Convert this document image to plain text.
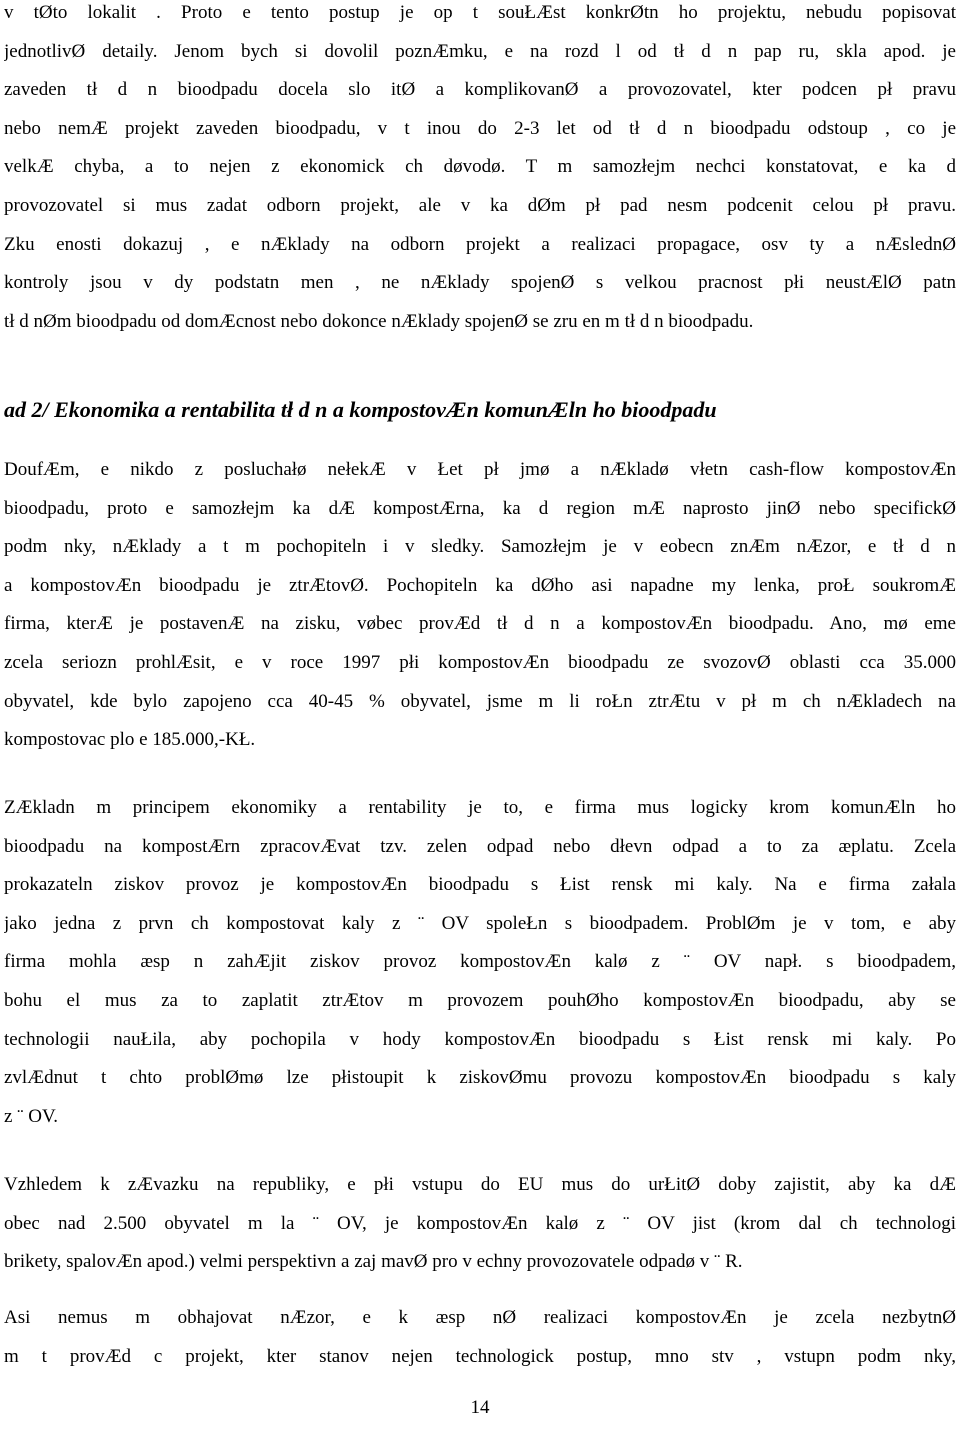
v tØto lokalit . Proto e tento postup je op t souŁÆst konkrØtn ho projektu, nebudu popisovat
jednotlivØ detaily. Jenom bych si dovolil poznÆmku, e na rozd l od tł d n pap ru, skla apod. je
zaveden tł d n bioodpadu docela slo itØ a komplikovanØ a provozovatel, kter podcen pł pravu
nebo nemÆ projekt zaveden bioodpadu, v t inou do 2-3 let od tł d n bioodpadu odstoup , co je
velkÆ chyba, a to nejen z ekonomick ch døvodø. T m samozłejm nechci konstatovat, e ka d
provozovatel si mus zadat odborn projekt, ale v ka dØm pł pad nesm podcenit celou pł pravu.
Zku enosti dokazuj , e nÆklady na odborn projekt a realizaci propagace, osv ty a nÆslednØ
kontroly jsou v dy podstatn men , ne nÆklady spojenØ s velkou pracnost płi neustÆlØ patn
tł d nØm bioodpadu od domÆcnost nebo dokonce nÆklady spojenØ se zru en m tł d n bioodpadu.
ad 2/ Ekonomika a rentabilita tł d n a kompostovÆn komunÆln ho bioodpadu
DoufÆm, e nikdo z posluchałø nełekÆ v Łet pł jmø a nÆkladø vłetn cash-flow kompostovÆn
bioodpadu, proto e samozłejm ka dÆ kompostÆrna, ka d region mÆ naprosto jinØ nebo specifickØ
podm nky, nÆklady a t m pochopiteln i v sledky. Samozłejm je v eobecn znÆm nÆzor, e tł d n
a kompostovÆn bioodpadu je ztrÆtovØ. Pochopiteln ka dØho asi napadne my lenka, proŁ soukromÆ
firma, kterÆ je postavenÆ na zisku, vøbec provÆd tł d n a kompostovÆn bioodpadu. Ano, mø eme
zcela seriozn prohlÆsit, e v roce 1997 płi kompostovÆn bioodpadu ze svozovØ oblasti cca 35.000
obyvatel, kde bylo zapojeno cca 40-45 % obyvatel, jsme m li roŁn ztrÆtu v pł m ch nÆkladech na
kompostovac plo e 185.000,-KŁ.
ZÆkladn m principem ekonomiky a rentability je to, e firma mus logicky krom komunÆln ho
bioodpadu na kompostÆrn zpracovÆvat tzv. zelen odpad nebo dłevn odpad a to za æplatu. Zcela
prokazateln ziskov provoz je kompostovÆn bioodpadu s Łist rensk mi kaly. Na e firma załala
jako jedna z prvn ch kompostovat kaly z ¨ OV spoleŁn s bioodpadem. ProblØm je v tom, e aby
firma mohla æsp n zahÆjit ziskov provoz kompostovÆn kalø z ¨ OV napł. s bioodpadem,
bohu el mus za to zaplatit ztrÆtov m provozem pouhØho kompostovÆn bioodpadu, aby se
technologii nauŁila, aby pochopila v hody kompostovÆn bioodpadu s Łist rensk mi kaly. Po
zvlÆdnut t chto problØmø lze płistoupit k ziskovØmu provozu kompostovÆn bioodpadu s kaly
z ¨ OV.
Vzhledem k zÆvazku na republiky, e płi vstupu do EU mus do urŁitØ doby zajistit, aby ka dÆ
obec nad 2.500 obyvatel m la ¨ OV, je kompostovÆn kalø z ¨ OV jist (krom dal ch technologi
brikety, spalovÆn apod.) velmi perspektivn a zaj mavØ pro v echny provozovatele odpadø v ¨ R.
Asi nemus m obhajovat nÆzor, e k æsp nØ realizaci kompostovÆn je zcela nezbytnØ
m t provÆd c projekt, kter stanov nejen technologick postup, mno stv , vstupn podm nky,
14
